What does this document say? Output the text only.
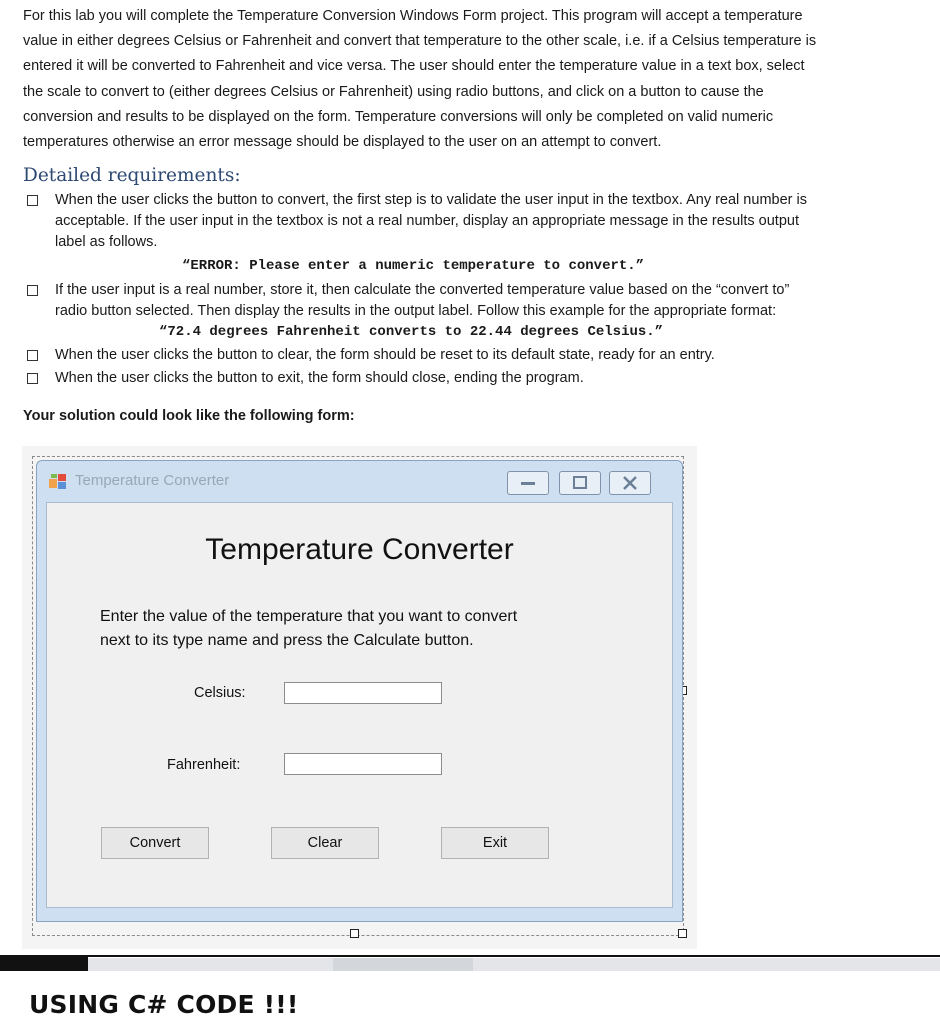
For this lab you will complete the Temperature Conversion Windows Form project. This program will accept a temperature
value in either degrees Celsius or Fahrenheit and convert that temperature to the other scale, i.e. if a Celsius temperature is
entered it will be converted to Fahrenheit and vice versa. The user should enter the temperature value in a text box, select
the scale to convert to (either degrees Celsius or Fahrenheit) using radio buttons, and click on a button to cause the
conversion and results to be displayed on the form. Temperature conversions will only be completed on valid numeric
temperatures otherwise an error message should be displayed to the user on an attempt to convert.

Detailed requirements:
When the user clicks the button to convert, the first step is to validate the user input in the textbox. Any real number is
acceptable. If the user input in the textbox is not a real number, display an appropriate message in the results output
label as follows.
“ERROR: Please enter a numeric temperature to convert.”
If the user input is a real number, store it, then calculate the converted temperature value based on the “convert to”
radio button selected. Then display the results in the output label. Follow this example for the appropriate format:
“72.4 degrees Fahrenheit converts to 22.44 degrees Celsius.”
When the user clicks the button to clear, the form should be reset to its default state, ready for an entry.
When the user clicks the button to exit, the form should close, ending the program.

Your solution could look like the following form:

Temperature Converter
Temperature Converter
Enter the value of the temperature that you want to convert
next to its type name and press the Calculate button.
Celsius:
Fahrenheit:
Convert	Clear	Exit
USING C# CODE !!!
